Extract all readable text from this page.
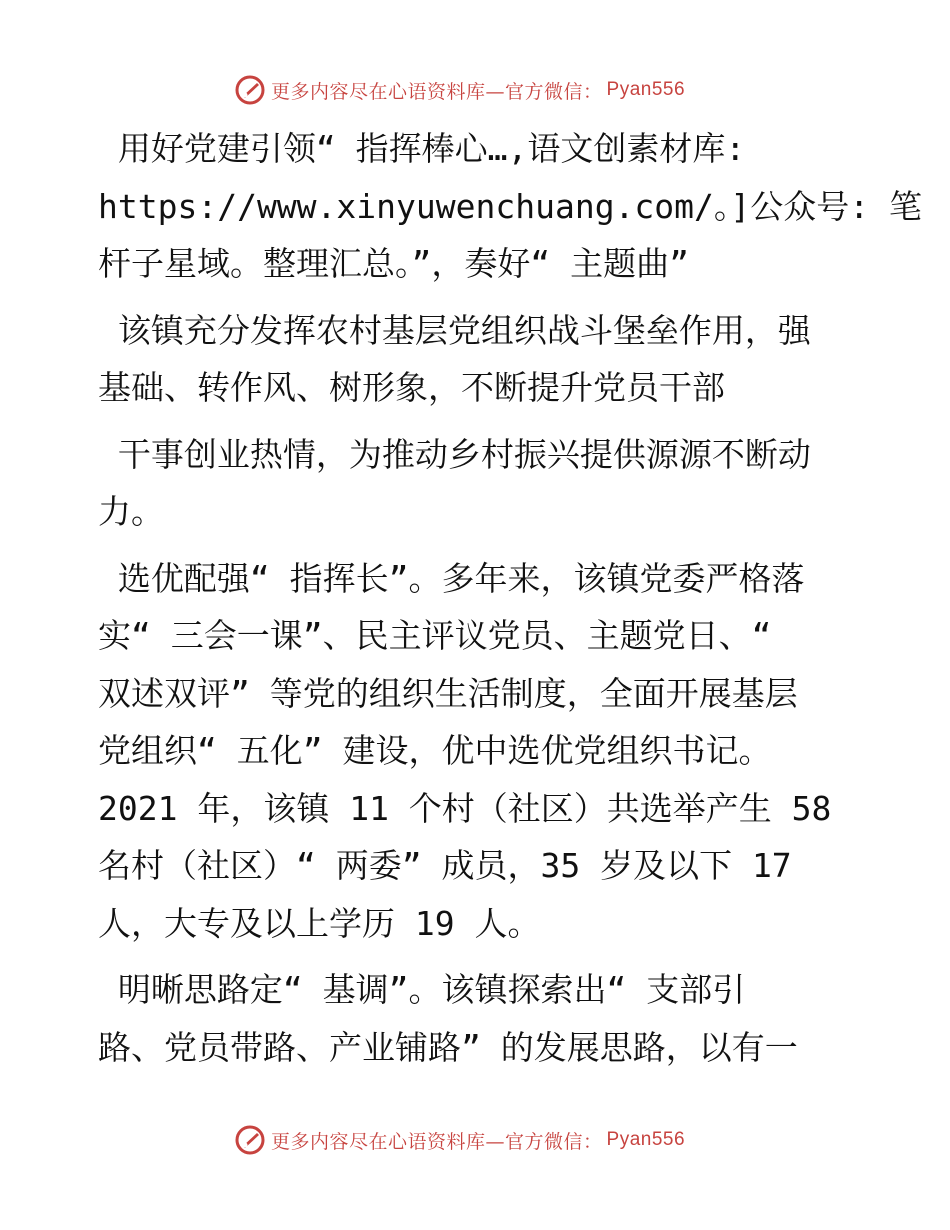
更多内容尽在心语资料库—官方微信： Pyan556
用好党建引领“ 指挥棒心…,语文创素材库:
https://www.xinyuwenchuang.com/。]公众号: 笔
杆子星域。整理汇总。”，奏好“ 主题曲”
该镇充分发挥农村基层党组织战斗堡垒作用，强
基础、转作风、树形象，不断提升党员干部
干事创业热情，为推动乡村振兴提供源源不断动
力。
选优配强“ 指挥长”。多年来，该镇党委严格落
实“ 三会一课”、民主评议党员、主题党日、“
双述双评” 等党的组织生活制度，全面开展基层
党组织“ 五化” 建设，优中选优党组织书记。
2021 年，该镇 11 个村（社区）共选举产生 58
名村（社区）“ 两委” 成员，35 岁及以下 17
人，大专及以上学历 19 人。
明晰思路定“ 基调”。该镇探索出“ 支部引
路、党员带路、产业铺路” 的发展思路，以有一
更多内容尽在心语资料库—官方微信： Pyan556
